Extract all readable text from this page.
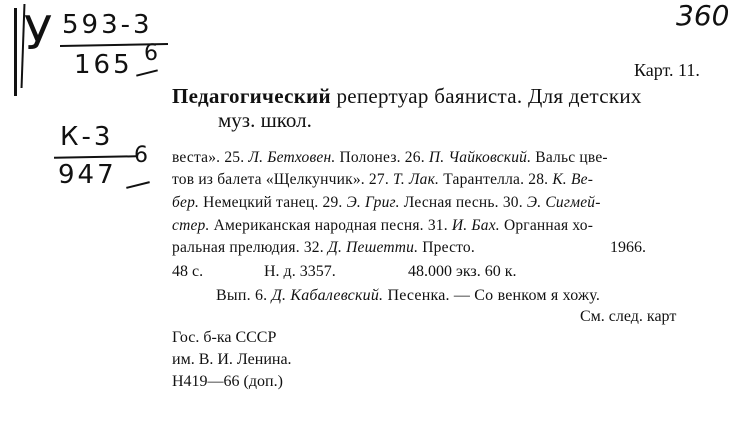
У 593-3
165 6
К-3
947
6
360
Карт. 11.
Педагогический репертуар баяниста. Для детских
муз. школ.
веста». 25. Л. Бетховен. Полонез. 26. П. Чайковский. Вальс цве-
тов из балета «Щелкунчик». 27. Т. Лак. Тарантелла. 28. К. Ве-
бер. Немецкий танец. 29. Э. Григ. Лесная песнь. 30. Э. Сигмей-
стер. Американская народная песня. 31. И. Бах. Органная хо-
ральная прелюдия. 32. Д. Пешетти. Престо.	1966.
48 с.	Н. д. 3357.	48.000 экз. 60 к.
Вып. 6. Д. Кабалевский. Песенка. — Со венком я хожу.
См. след. карт
Гос. б-ка СССР
им. В. И. Ленина.
Н419—66 (доп.)
